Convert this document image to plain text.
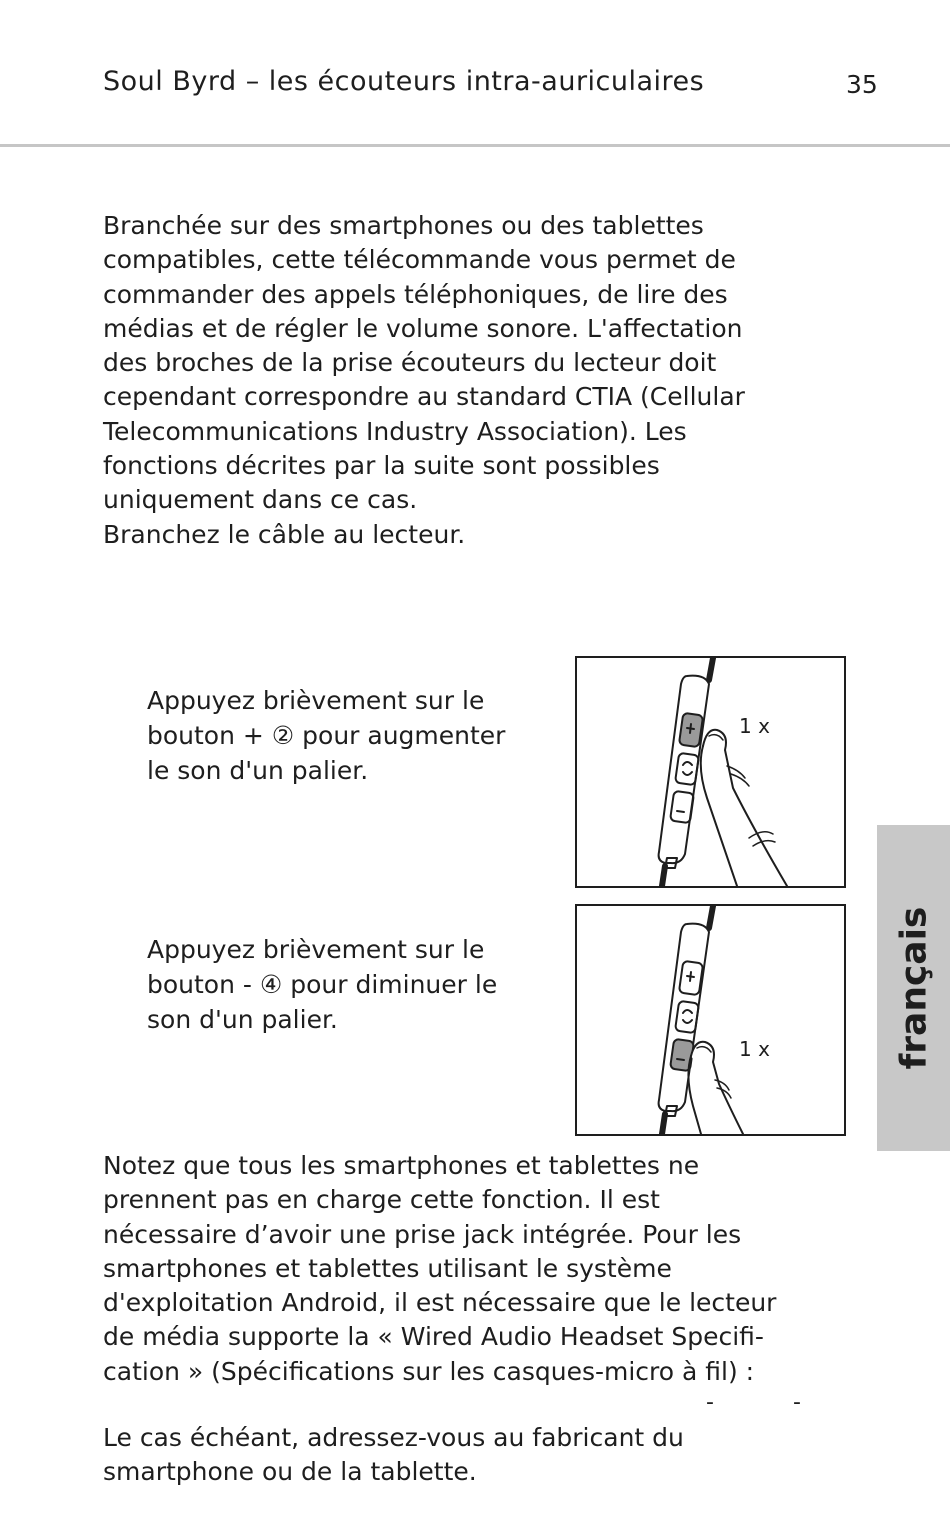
Soul Byrd – les écouteurs intra-auriculaires	35

Branchée sur des smartphones ou des tablettes
compatibles, cette télécommande vous permet de
commander des appels téléphoniques, de lire des
médias et de régler le volume sonore. L'affectation
des broches de la prise écouteurs du lecteur doit
cependant correspondre au standard CTIA (Cellular
Telecommunications Industry Association). Les
fonctions décrites par la suite sont possibles
uniquement dans ce cas.
Branchez le câble au lecteur.

Appuyez brièvement sur le
bouton + ② pour augmenter
le son d'un palier.

1 x

Appuyez brièvement sur le
bouton - ④ pour diminuer le
son d'un palier.

1 x

Notez que tous les smartphones et tablettes ne
prennent pas en charge cette fonction. Il est
nécessaire d’avoir une prise jack intégrée. Pour les
smartphones et tablettes utilisant le système
d'exploitation Android, il est nécessaire que le lecteur
de média supporte la « Wired Audio Headset Specifi-
cation » (Spécifications sur les casques-micro à fil) :

-	-

Le cas échéant, adressez-vous au fabricant du
smartphone ou de la tablette.

français
